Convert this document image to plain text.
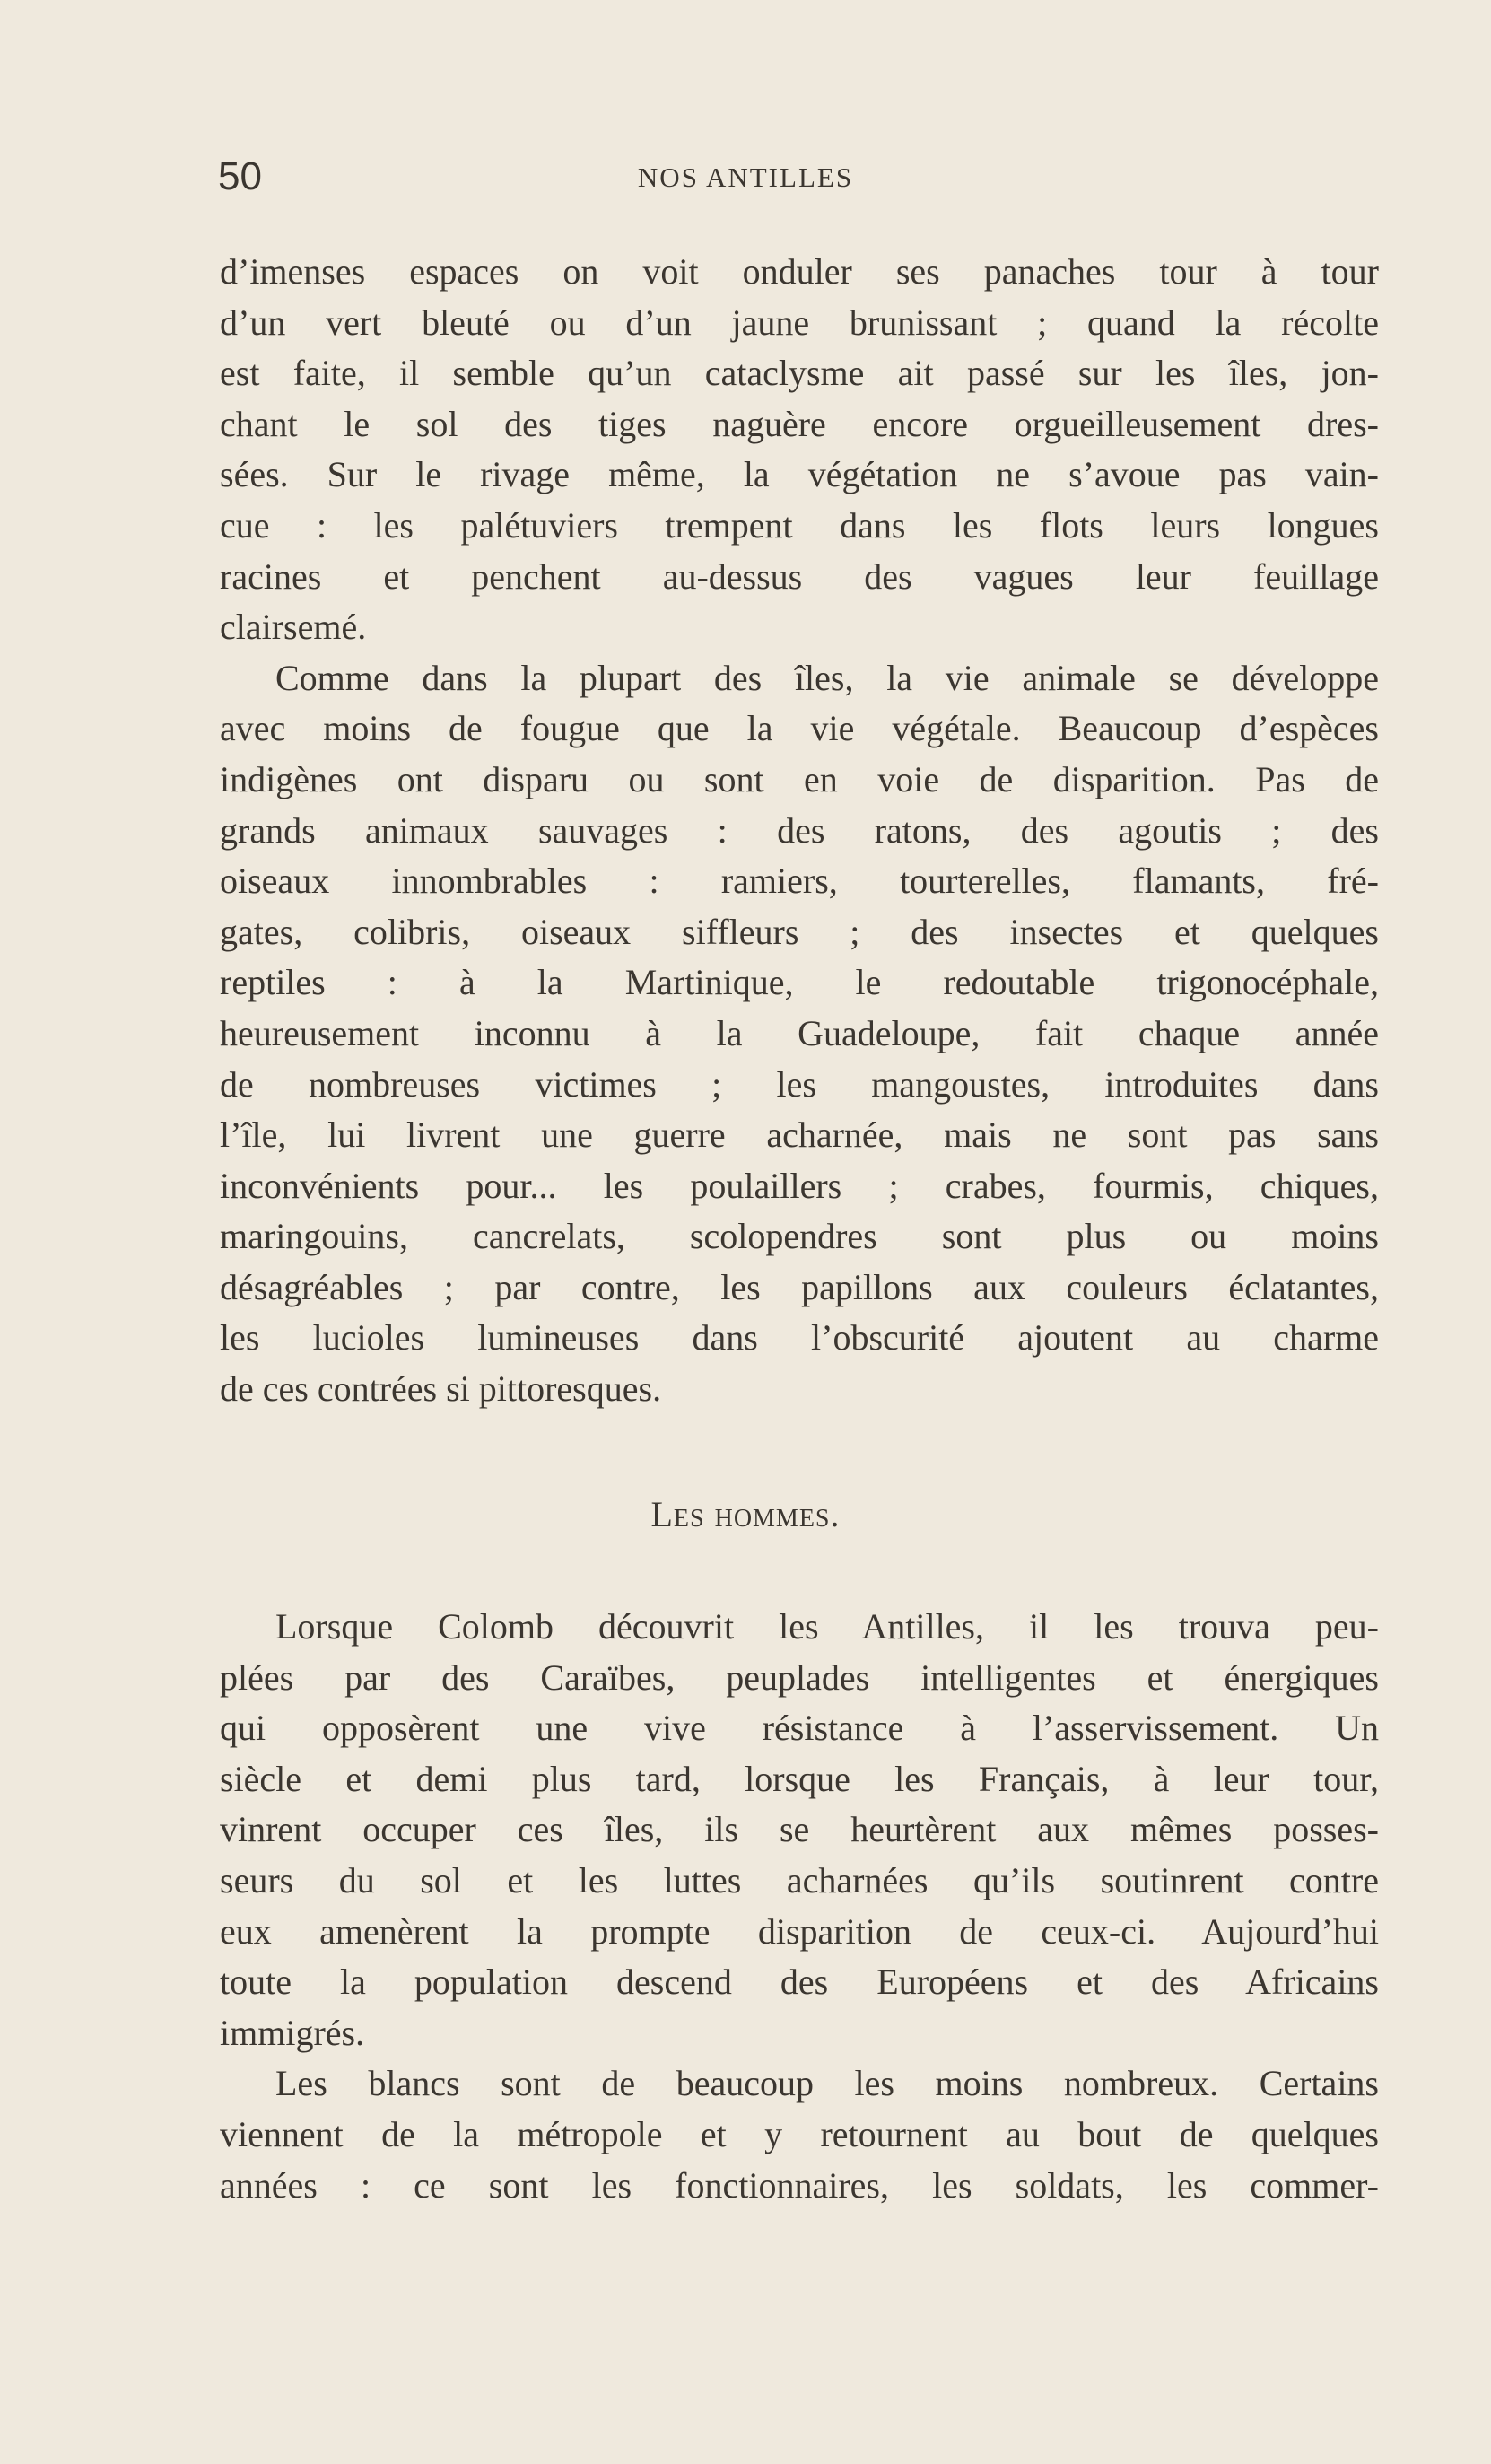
50	NOS ANTILLES
d’imenses espaces on voit onduler ses panaches tour à tour
d’un vert bleuté ou d’un jaune brunissant ; quand la récolte
est faite, il semble qu’un cataclysme ait passé sur les îles, jon-
chant le sol des tiges naguère encore orgueilleusement dres-
sées. Sur le rivage même, la végétation ne s’avoue pas vain-
cue : les palétuviers trempent dans les flots leurs longues
racines et penchent au-dessus des vagues leur feuillage
clairsemé.
Comme dans la plupart des îles, la vie animale se développe
avec moins de fougue que la vie végétale. Beaucoup d’espèces
indigènes ont disparu ou sont en voie de disparition. Pas de
grands animaux sauvages : des ratons, des agoutis ; des
oiseaux innombrables : ramiers, tourterelles, flamants, fré-
gates, colibris, oiseaux siffleurs ; des insectes et quelques
reptiles : à la Martinique, le redoutable trigonocéphale,
heureusement inconnu à la Guadeloupe, fait chaque année
de nombreuses victimes ; les mangoustes, introduites dans
l’île, lui livrent une guerre acharnée, mais ne sont pas sans
inconvénients pour... les poulaillers ; crabes, fourmis, chiques,
maringouins, cancrelats, scolopendres sont plus ou moins
désagréables ; par contre, les papillons aux couleurs éclatantes,
les lucioles lumineuses dans l’obscurité ajoutent au charme
de ces contrées si pittoresques.
Les hommes.
Lorsque Colomb découvrit les Antilles, il les trouva peu-
plées par des Caraïbes, peuplades intelligentes et énergiques
qui opposèrent une vive résistance à l’asservissement. Un
siècle et demi plus tard, lorsque les Français, à leur tour,
vinrent occuper ces îles, ils se heurtèrent aux mêmes posses-
seurs du sol et les luttes acharnées qu’ils soutinrent contre
eux amenèrent la prompte disparition de ceux-ci. Aujourd’hui
toute la population descend des Européens et des Africains
immigrés.
Les blancs sont de beaucoup les moins nombreux. Certains
viennent de la métropole et y retournent au bout de quelques
années : ce sont les fonctionnaires, les soldats, les commer-
